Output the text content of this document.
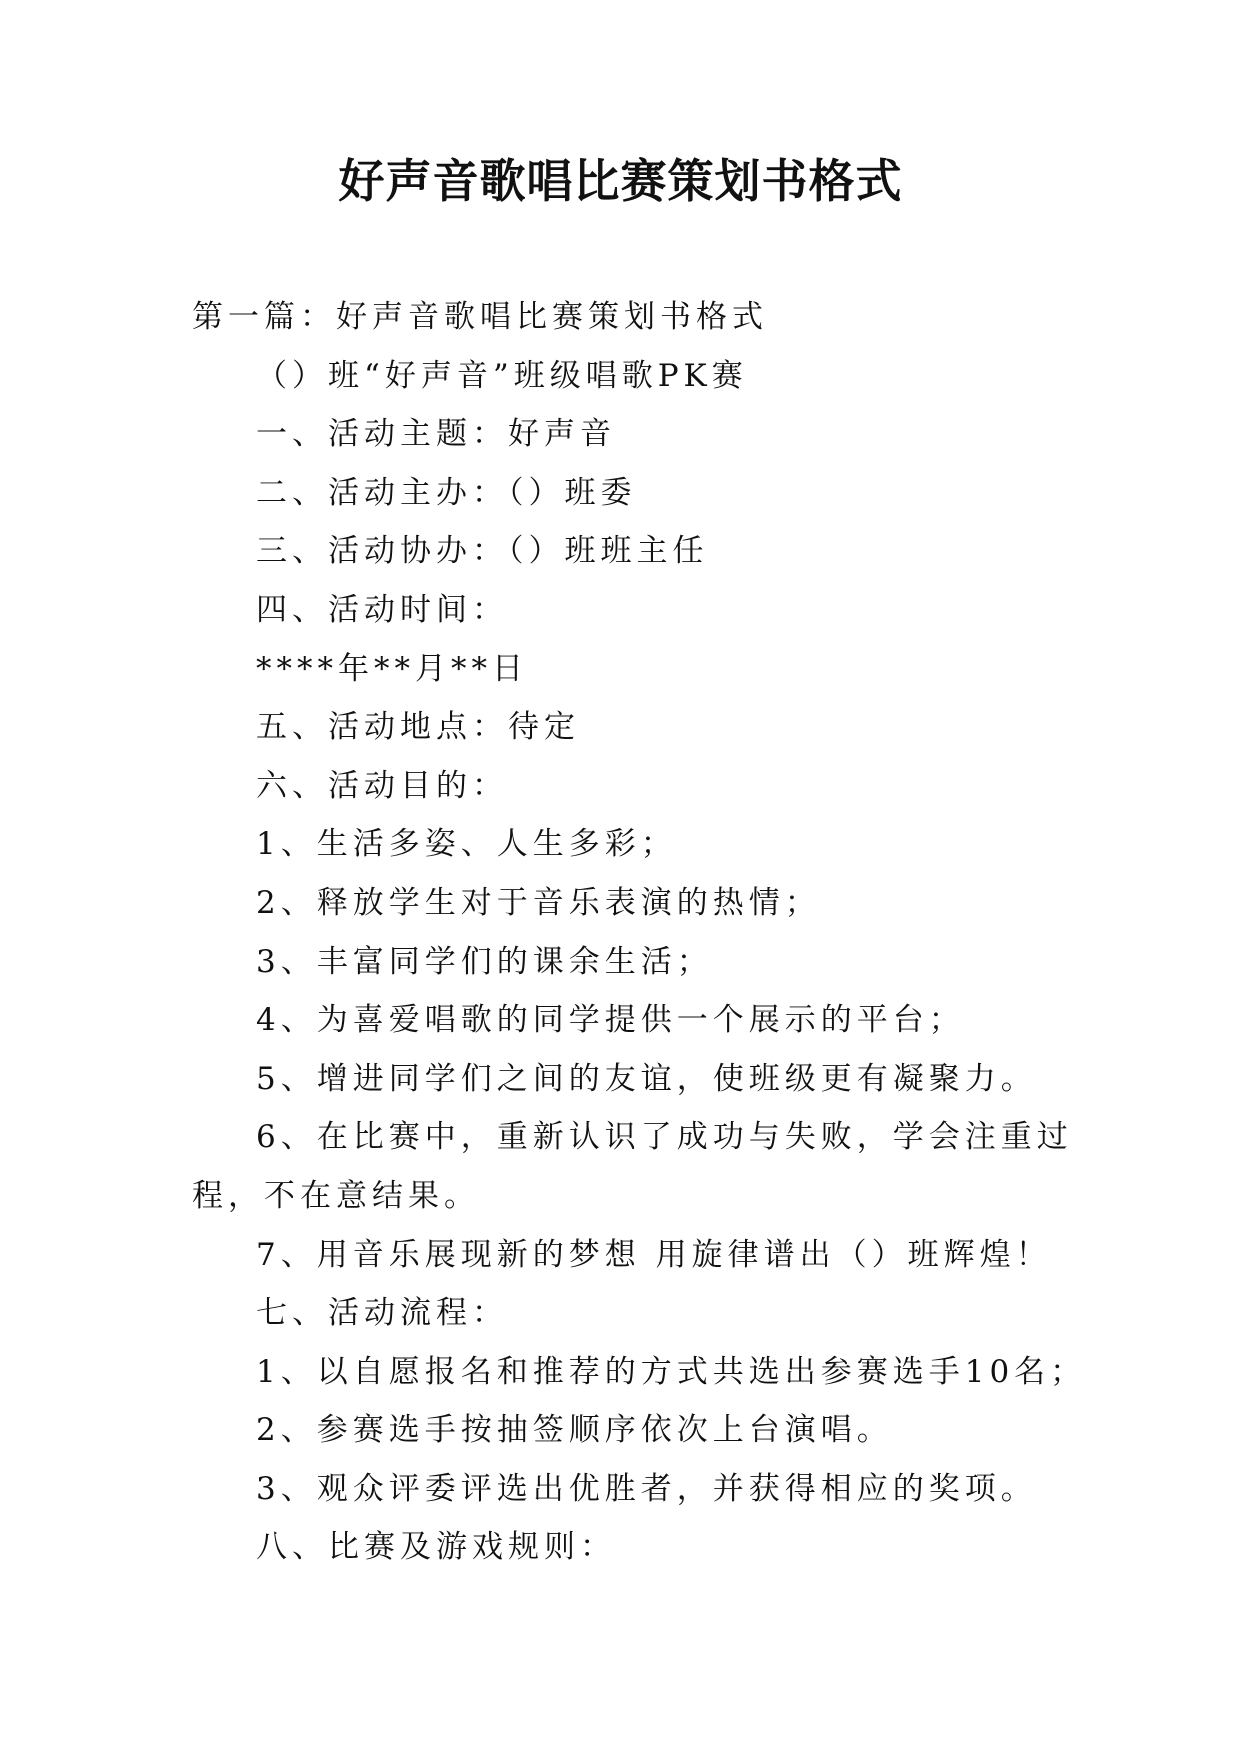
好声音歌唱比赛策划书格式

第一篇：好声音歌唱比赛策划书格式

（）班“好声音”班级唱歌PK赛

一、活动主题：好声音

二、活动主办：（）班委

三、活动协办：（）班班主任

四、活动时间：

****年**月**日

五、活动地点：待定

六、活动目的：

1、生活多姿、人生多彩；

2、释放学生对于音乐表演的热情；

3、丰富同学们的课余生活；

4、为喜爱唱歌的同学提供一个展示的平台；

5、增进同学们之间的友谊，使班级更有凝聚力。

6、在比赛中，重新认识了成功与失败，学会注重过程，不在意结果。

7、用音乐展现新的梦想 用旋律谱出（）班辉煌！

七、活动流程：

1、以自愿报名和推荐的方式共选出参赛选手10名；

2、参赛选手按抽签顺序依次上台演唱。

3、观众评委评选出优胜者，并获得相应的奖项。

八、比赛及游戏规则：
